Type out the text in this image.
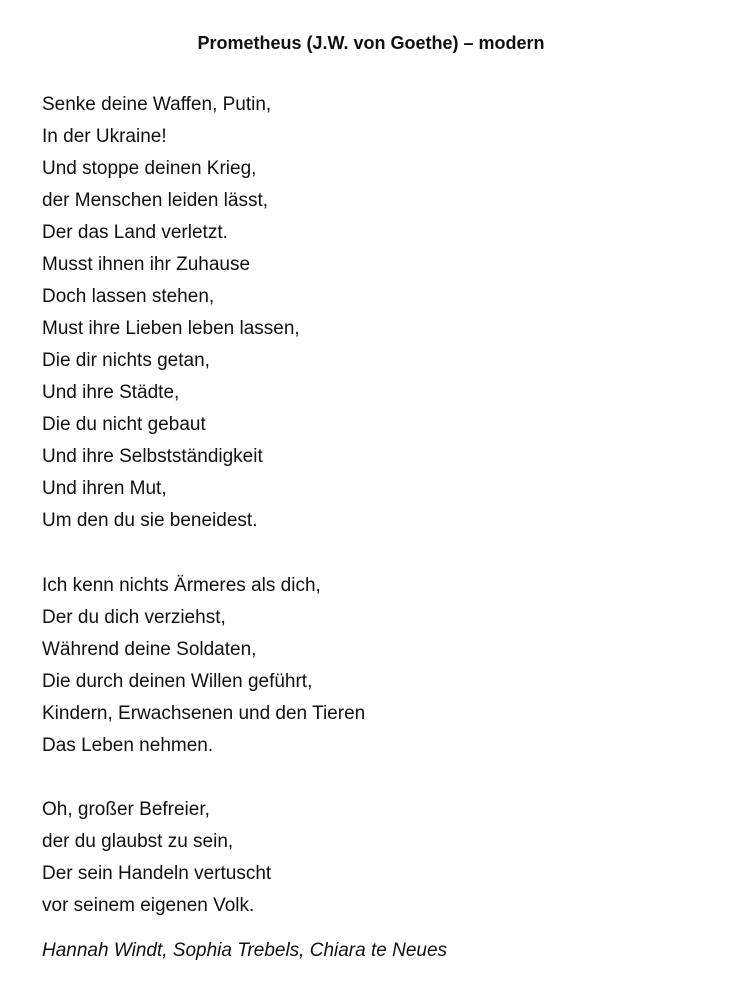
Prometheus (J.W. von Goethe) – modern
Senke deine Waffen, Putin,
In der Ukraine!
Und stoppe deinen Krieg,
der Menschen leiden lässt,
Der das Land verletzt.
Musst ihnen ihr Zuhause
Doch lassen stehen,
Must ihre Lieben leben lassen,
Die dir nichts getan,
Und ihre Städte,
Die du nicht gebaut
Und ihre Selbstständigkeit
Und ihren Mut,
Um den du sie beneidest.
Ich kenn nichts Ärmeres als dich,
Der du dich verziehst,
Während deine Soldaten,
Die durch deinen Willen geführt,
Kindern, Erwachsenen und den Tieren
Das Leben nehmen.
Oh, großer Befreier,
der du glaubst zu sein,
Der sein Handeln vertuscht
vor seinem eigenen Volk.
Hannah Windt, Sophia Trebels, Chiara te Neues
